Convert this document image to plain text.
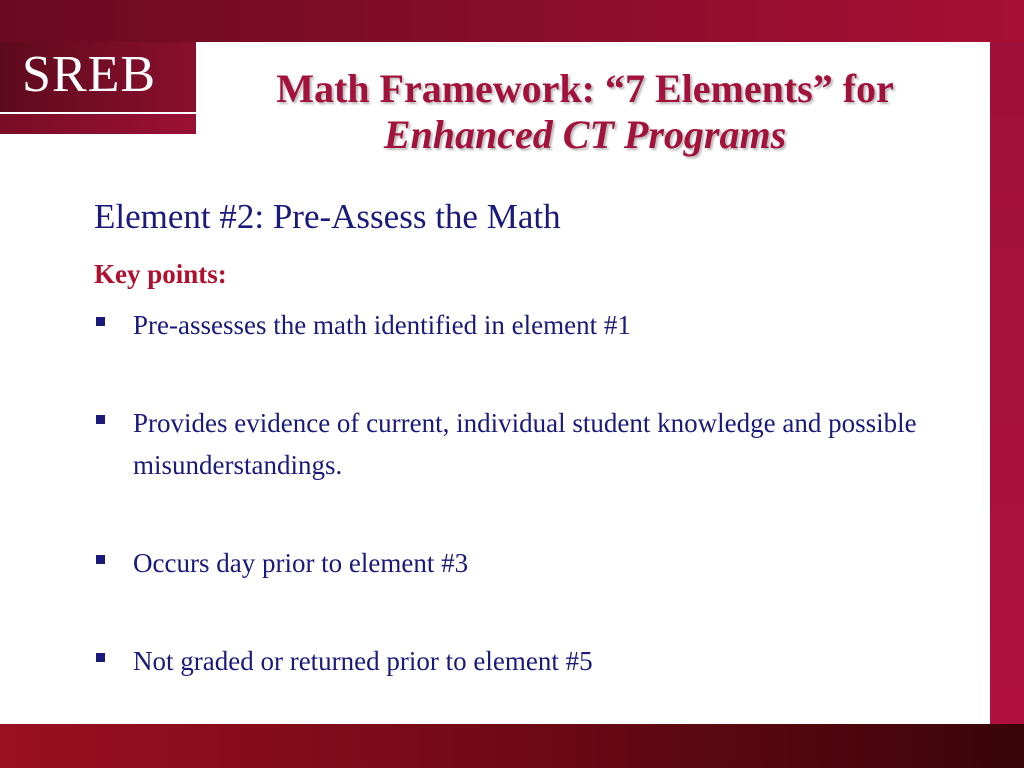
SREB	Math Framework: “7 Elements” for
Enhanced CT Programs
Element #2: Pre-Assess the Math
Key points:
Pre-assesses the math identified in element #1
Provides evidence of current, individual student knowledge and possible misunderstandings.
Occurs day prior to element #3
Not graded or returned prior to element #5
